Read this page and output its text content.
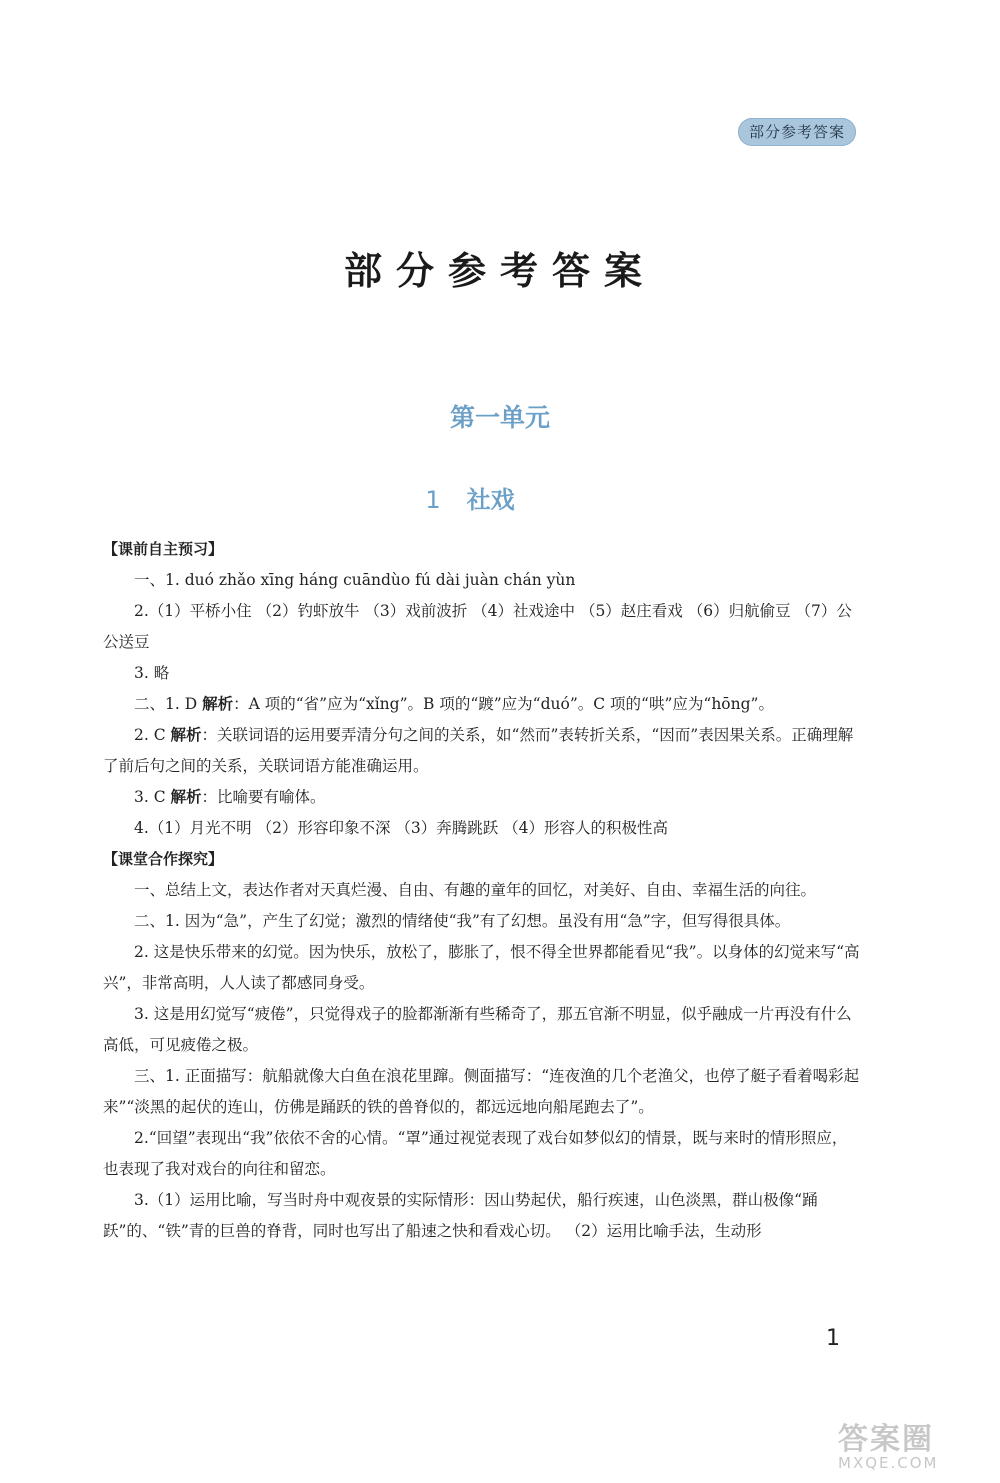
部分参考答案
部分参考答案
第一单元
1 社戏

【课前自主预习】

一、1. duó zhǎo xīng háng cuāndùo fú dài juàn chán yùn

2.（1）平桥小住 （2）钓虾放牛 （3）戏前波折 （4）社戏途中 （5）赵庄看戏 （6）归航偷豆 （7）公公送豆

3. 略

二、1. D 解析：A 项的“省”应为“xǐng”。B 项的“踱”应为“duó”。C 项的“哄”应为“hōng”。

2. C 解析：关联词语的运用要弄清分句之间的关系，如“然而”表转折关系，“因而”表因果关系。正确理解了前后句之间的关系，关联词语方能准确运用。

3. C 解析：比喻要有喻体。

4.（1）月光不明 （2）形容印象不深 （3）奔腾跳跃 （4）形容人的积极性高

【课堂合作探究】

一、总结上文，表达作者对天真烂漫、自由、有趣的童年的回忆，对美好、自由、幸福生活的向往。

二、1. 因为“急”，产生了幻觉；激烈的情绪使“我”有了幻想。虽没有用“急”字，但写得很具体。

2. 这是快乐带来的幻觉。因为快乐，放松了，膨胀了，恨不得全世界都能看见“我”。以身体的幻觉来写“高兴”，非常高明，人人读了都感同身受。

3. 这是用幻觉写“疲倦”，只觉得戏子的脸都渐渐有些稀奇了，那五官渐不明显，似乎融成一片再没有什么高低，可见疲倦之极。

三、1. 正面描写：航船就像大白鱼在浪花里蹿。侧面描写：“连夜渔的几个老渔父，也停了艇子看着喝彩起来”“淡黑的起伏的连山，仿佛是踊跃的铁的兽脊似的，都远远地向船尾跑去了”。

2.“回望”表现出“我”依依不舍的心情。“罩”通过视觉表现了戏台如梦似幻的情景，既与来时的情形照应，也表现了我对戏台的向往和留恋。

3.（1）运用比喻，写当时舟中观夜景的实际情形：因山势起伏，船行疾速，山色淡黑，群山极像“踊跃”的、“铁”青的巨兽的脊背，同时也写出了船速之快和看戏心切。 （2）运用比喻手法，生动形

1
答案圈
MXQE.COM
